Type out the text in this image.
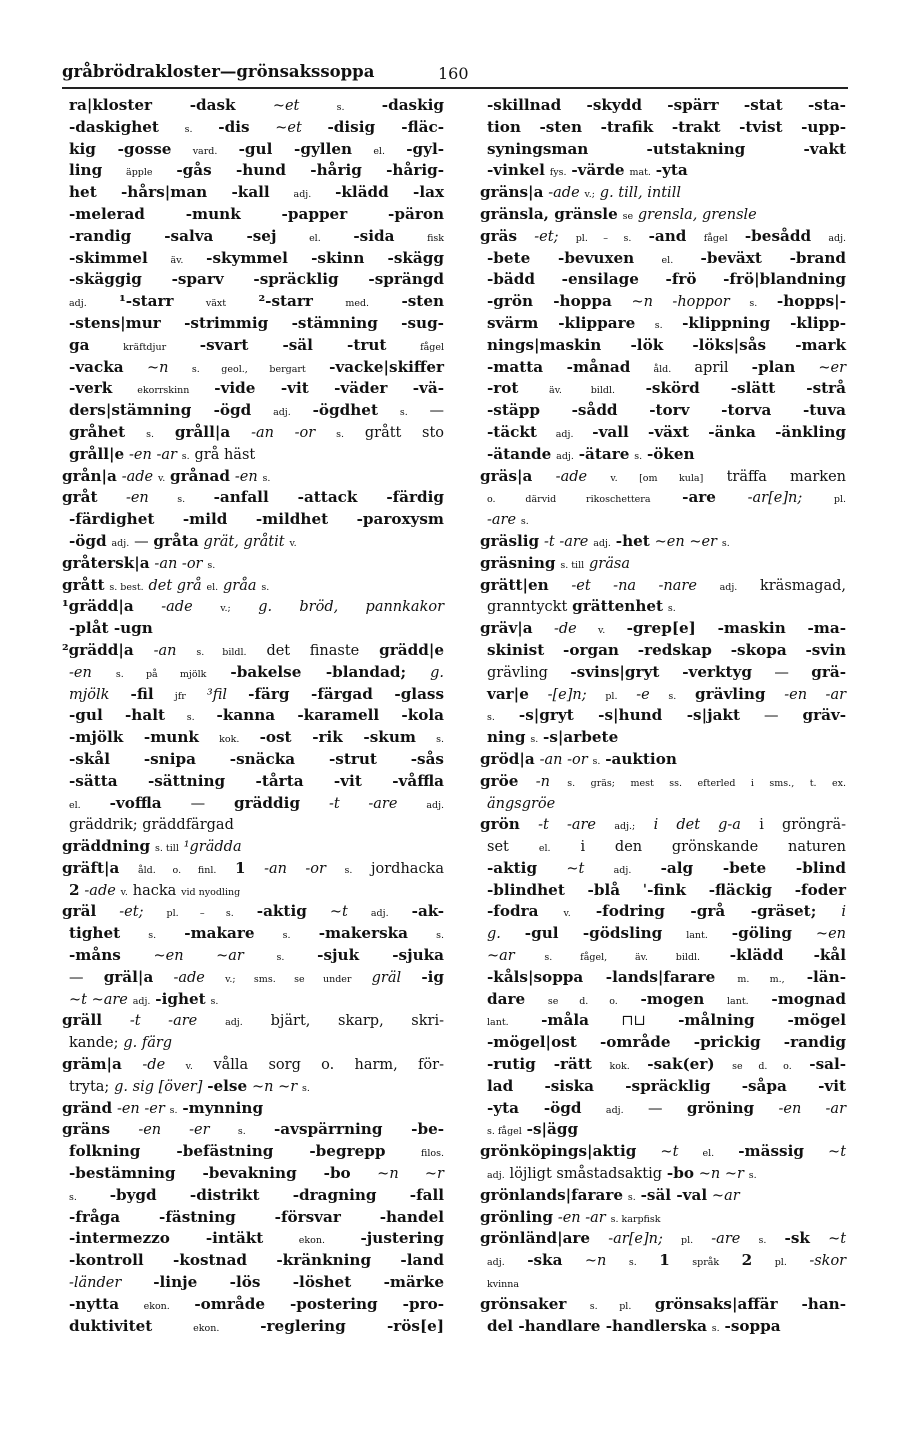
gråbrödrakloster—grönsakssoppa	160
ra|kloster -dask	~et	s. -daskig
-daskighet	s. -dis ~et -disig -fläc-
kig -gosse vard. -gul -gyllen el. -gyl-
ling	äpple -gås -hund -hårig -hårig-
het -hårs|man -kall	adj. -klädd -lax
-melerad -munk -papper -päron
-randig -salva -sej	el. -sida	fisk
-skimmel äv. -skymmel -skinn -skägg
-skäggig -sparv -spräcklig -sprängd
adj. ¹-starr	växt ²-starr	med. -sten
-stens|mur -strimmig -stämning -sug-
ga	kräftdjur -svart -säl -trut	fågel
-vacka ~n s. geol., bergart -vacke|skiffer
-verk	ekorrskinn -vide -vit -väder -vä-
ders|stämning -ögd adj. -ögdhet s. —
gråhet s. gråll|a -an -or s. grått sto
gråll|e -en -ar s. grå häst
grån|a -ade v. grånad -en s.
gråt -en	s. -anfall -attack -färdig
-färdighet -mild -mildhet -paroxysm
-ögd adj. — gråta grät, gråtit v.
gråtersk|a -an -or s.
grått s. best. det grå el. gråa s.
¹grädd|a -ade	v.; g. bröd, pannkakor
-plåt -ugn
²grädd|a -an s. bildl. det finaste grädd|e
-en	s. på mjölk -bakelse -blandad; g.
mjölk -fil jfr ³fil -färg -färgad -glass
-gul -halt s. -kanna -karamell -kola
-mjölk -munk kok. -ost -rik -skum s.
-skål -snipa -snäcka -strut -sås
-sätta -sättning -tårta -vit -våffla
el. -voffla — gräddig -t -are	adj.
gräddrik; gräddfärgad
gräddning s. till ¹grädda
gräft|a åld. o. finl. 1 -an -or s. jordhacka
2 -ade v. hacka vid nyodling
gräl -et; pl. – s. -aktig ~t adj. -ak-
tighet	s. -makare	s. -makerska	s.
-måns ~en ~ar	s. -sjuk -sjuka
— gräl|a -ade v.; sms. se under gräl -ig
~t ~are adj. -ighet s.
gräll -t -are	adj. bjärt, skarp, skri-
kande; g. färg
gräm|a -de v. vålla sorg o. harm, för-
tryta; g. sig [över] -else ~n ~r s.
gränd -en -er s. -mynning
gräns -en -er	s. -avspärrning -be-
folkning -befästning -begrepp	filos.
-bestämning -bevakning -bo ~n ~r
s. -bygd -distrikt -dragning -fall
-fråga -fästning -försvar -handel
-intermezzo -intäkt	ekon. -justering
-kontroll -kostnad -kränkning -land
-länder -linje -lös -löshet -märke
-nytta	ekon. -område -postering -pro-
duktivitet	ekon.	-reglering -rös[e]
-skillnad -skydd -spärr -stat -sta-
tion -sten -trafik -trakt -tvist -upp-
syningsman -utstakning -vakt
-vinkel fys. -värde mat. -yta
gräns|a -ade v.; g. till, intill
gränsla, gränsle se grensla, grensle
gräs -et; pl. – s. -and fågel -besådd adj.
-bete -bevuxen	el. -beväxt -brand
-bädd -ensilage -frö -frö|blandning
-grön -hoppa ~n -hoppor s. -hopps|-
svärm -klippare s. -klippning -klipp-
nings|maskin -lök -löks|sås -mark
-matta -månad åld. april -plan ~er
-rot	äv. bildl. -skörd -slätt -strå
-stäpp -sådd -torv -torva -tuva
-täckt adj. -vall -växt -änka -änkling
-ätande adj. -ätare s. -öken
gräs|a -ade v. [om kula] träffa marken
o. därvid rikoschettera -are -ar[e]n;	pl.
-are s.
gräslig -t -are adj. -het ~en ~er s.
gräsning s. till gräsa
grätt|en -et -na -nare adj. kräsmagad,
granntyckt grättenhet s.
gräv|a -de v. -grep[e] -maskin -ma-
skinist -organ -redskap -skopa -svin
grävling -svins|gryt -verktyg — grä-
var|e -[e]n; pl. -e s. grävling -en -ar
s. -s|gryt -s|hund -s|jakt — gräv-
ning s. -s|arbete
gröd|a -an -or s. -auktion
gröe -n s. gräs; mest ss. efterled i sms., t. ex.
ängsgröe
grön -t -are adj.; i det g-a i gröngrä-
set	el. i den grönskande naturen
-aktig ~t	adj. -alg -bete -blind
-blindhet -blå ˈ-fink -fläckig -foder
-fodra	v. -fodring -grå -gräset; i
g. -gul -gödsling	lant. -göling ~en
~ar	s. fågel, äv. bildl. -klädd -kål
-kåls|soppa -lands|farare m. m., -län-
dare se d. o. -mogen lant. -mognad
lant. -måla ⊓⊔ -målning -mögel
-mögel|ost -område -prickig -randig
-rutig -rätt kok. -sak(er) se d. o. -sal-
lad -siska -spräcklig -såpa -vit
-yta -ögd	adj. — gröning -en -ar
s. fågel -s|ägg
grönköpings|aktig ~t	el. -mässig ~t
adj. löjligt småstadsaktig -bo ~n ~r s.
grönlands|farare s. -säl -val ~ar
grönling -en -ar s. karpfisk
grönländ|are -ar[e]n; pl. -are s. -sk ~t
adj. -ska ~n s. 1 språk 2 pl. -skor
kvinna
grönsaker s. pl. grönsaks|affär -han-
del -handlare -handlerska s. -soppa
